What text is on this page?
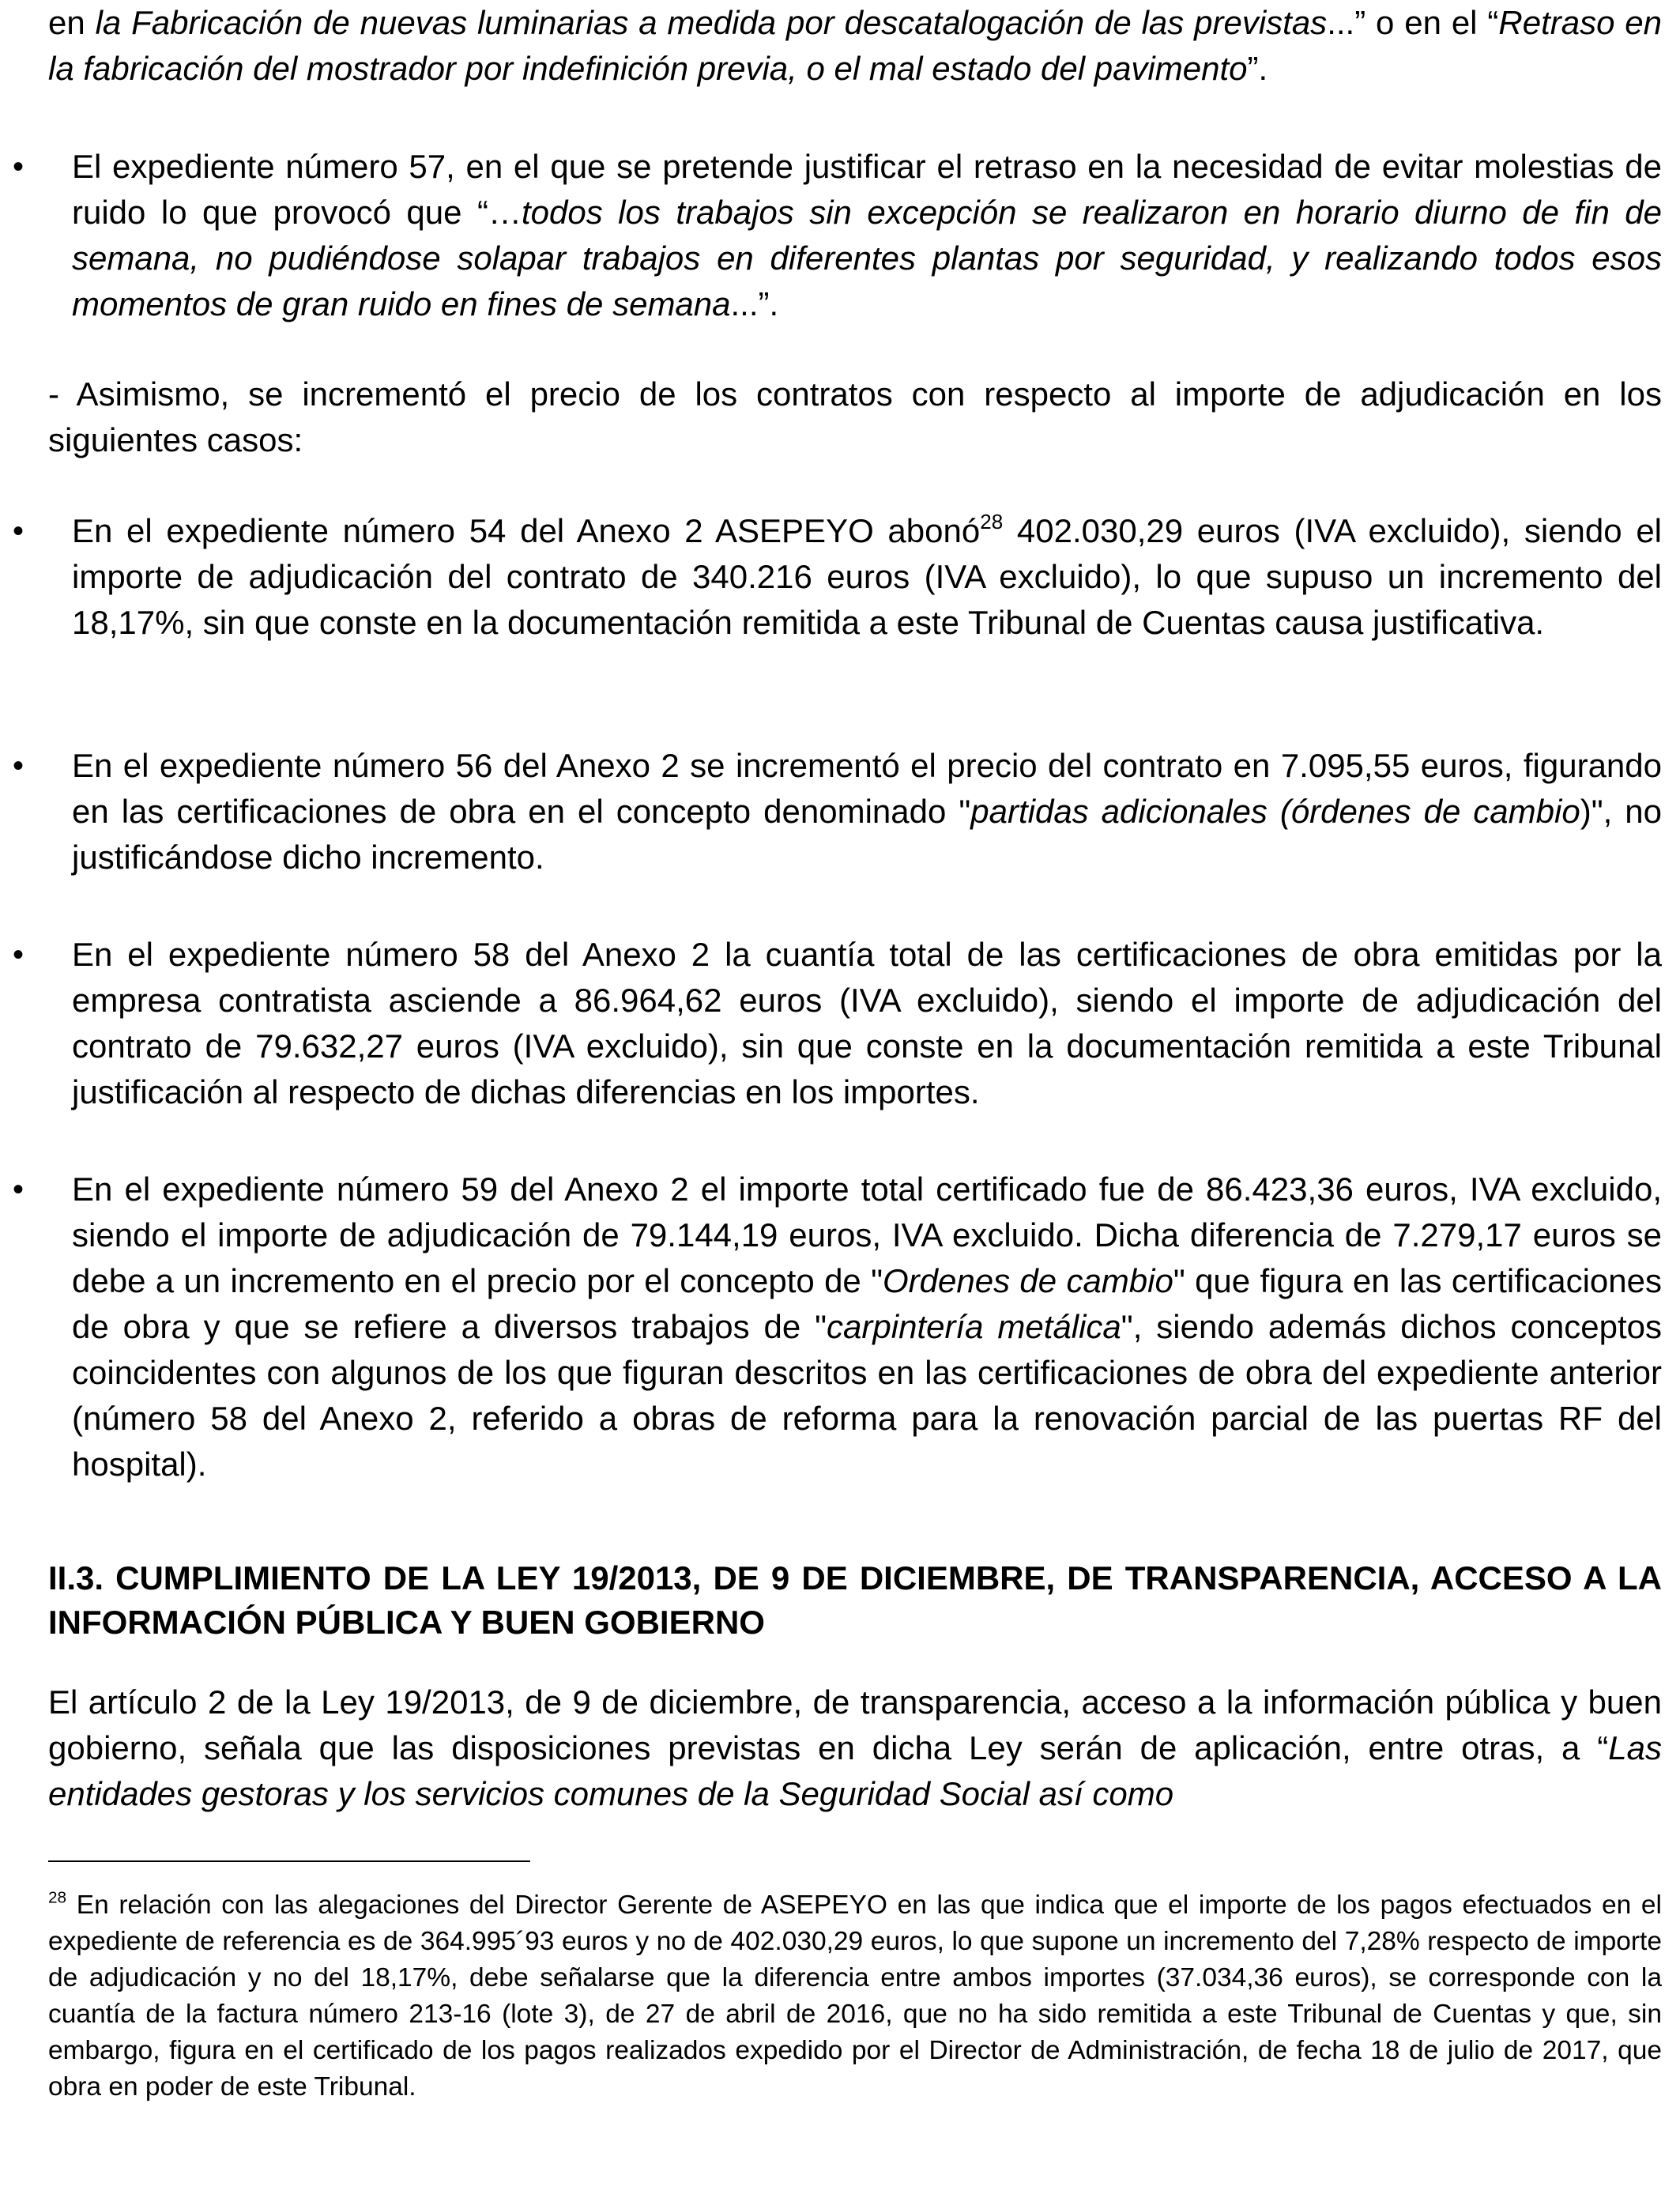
en la Fabricación de nuevas luminarias a medida por descatalogación de las previstas...” o en el “Retraso en la fabricación del mostrador por indefinición previa, o el mal estado del pavimento”.

• El expediente número 57, en el que se pretende justificar el retraso en la necesidad de evitar molestias de ruido lo que provocó que “…todos los trabajos sin excepción se realizaron en horario diurno de fin de semana, no pudiéndose solapar trabajos en diferentes plantas por seguridad, y realizando todos esos momentos de gran ruido en fines de semana...”.

- Asimismo, se incrementó el precio de los contratos con respecto al importe de adjudicación en los siguientes casos:

• En el expediente número 54 del Anexo 2 ASEPEYO abonó$^{28}$ 402.030,29 euros (IVA excluido), siendo el importe de adjudicación del contrato de 340.216 euros (IVA excluido), lo que supuso un incremento del 18,17%, sin que conste en la documentación remitida a este Tribunal de Cuentas causa justificativa.

• En el expediente número 56 del Anexo 2 se incrementó el precio del contrato en 7.095,55 euros, figurando en las certificaciones de obra en el concepto denominado "partidas adicionales (órdenes de cambio)", no justificándose dicho incremento.

• En el expediente número 58 del Anexo 2 la cuantía total de las certificaciones de obra emitidas por la empresa contratista asciende a 86.964,62 euros (IVA excluido), siendo el importe de adjudicación del contrato de 79.632,27 euros (IVA excluido), sin que conste en la documentación remitida a este Tribunal justificación al respecto de dichas diferencias en los importes.

• En el expediente número 59 del Anexo 2 el importe total certificado fue de 86.423,36 euros, IVA excluido, siendo el importe de adjudicación de 79.144,19 euros, IVA excluido. Dicha diferencia de 7.279,17 euros se debe a un incremento en el precio por el concepto de "Ordenes de cambio" que figura en las certificaciones de obra y que se refiere a diversos trabajos de "carpintería metálica", siendo además dichos conceptos coincidentes con algunos de los que figuran descritos en las certificaciones de obra del expediente anterior (número 58 del Anexo 2, referido a obras de reforma para la renovación parcial de las puertas RF del hospital).

II.3. CUMPLIMIENTO DE LA LEY 19/2013, DE 9 DE DICIEMBRE, DE TRANSPARENCIA, ACCESO A LA INFORMACIÓN PÚBLICA Y BUEN GOBIERNO

El artículo 2 de la Ley 19/2013, de 9 de diciembre, de transparencia, acceso a la información pública y buen gobierno, señala que las disposiciones previstas en dicha Ley serán de aplicación, entre otras, a “Las entidades gestoras y los servicios comunes de la Seguridad Social así como

$^{28}$ En relación con las alegaciones del Director Gerente de ASEPEYO en las que indica que el importe de los pagos efectuados en el expediente de referencia es de 364.995´93 euros y no de 402.030,29 euros, lo que supone un incremento del 7,28% respecto de importe de adjudicación y no del 18,17%, debe señalarse que la diferencia entre ambos importes (37.034,36 euros), se corresponde con la cuantía de la factura número 213-16 (lote 3), de 27 de abril de 2016, que no ha sido remitida a este Tribunal de Cuentas y que, sin embargo, figura en el certificado de los pagos realizados expedido por el Director de Administración, de fecha 18 de julio de 2017, que obra en poder de este Tribunal.
